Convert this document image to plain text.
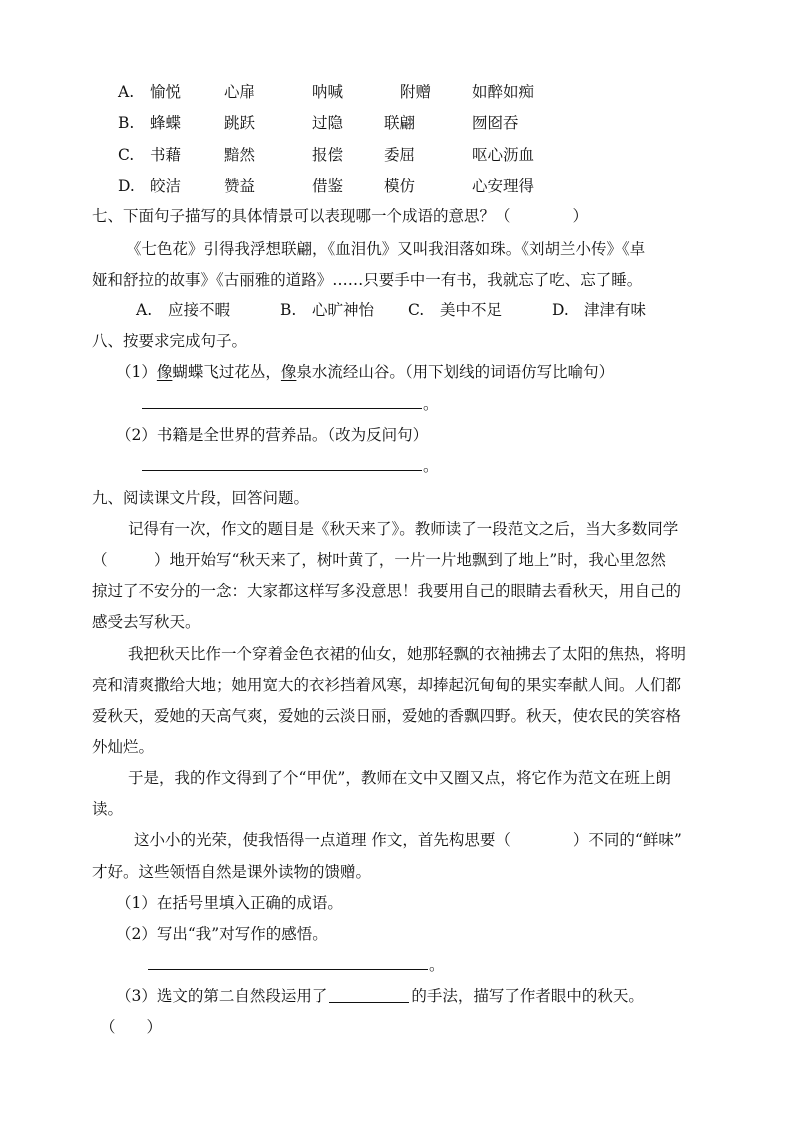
A. 愉悦	心扉	呐喊	附赠	如醉如痴
B. 蜂蝶	跳跃	过隐	联翩	囫囵吞
C. 书藉	黯然	报偿	委屈	呕心沥血
D. 皎洁	赞益	借鉴	模仿	心安理得
七、下面句子描写的具体情景可以表现哪一个成语的意思？（　　　　）
《七色花》引得我浮想联翩，《血泪仇》又叫我泪落如珠。《刘胡兰小传》《卓
娅和舒拉的故事》《古丽雅的道路》……只要手中一有书，我就忘了吃、忘了睡。
A. 应接不暇	B. 心旷神怡 C. 美中不足	D. 津津有味
八、按要求完成句子。
（1）像蝴蝶飞过花丛，像泉水流经山谷。（用下划线的词语仿写比喻句）
。
（2）书籍是全世界的营养品。（改为反问句）
。
九、阅读课文片段，回答问题。
记得有一次，作文的题目是《秋天来了》。教师读了一段范文之后，当大多数同学
（　　　）地开始写“秋天来了，树叶黄了，一片一片地飘到了地上”时，我心里忽然
掠过了不安分的一念：大家都这样写多没意思！我要用自己的眼睛去看秋天，用自己的
感受去写秋天。
我把秋天比作一个穿着金色衣裙的仙女，她那轻飘的衣袖拂去了太阳的焦热，将明
亮和清爽撒给大地；她用宽大的衣衫挡着风寒，却捧起沉甸甸的果实奉献人间。人们都
爱秋天，爱她的天高气爽，爱她的云淡日丽，爱她的香飘四野。秋天，使农民的笑容格
外灿烂。
于是，我的作文得到了个“甲优”，教师在文中又圈又点，将它作为范文在班上朗
读。
这小小的光荣，使我悟得一点道理 作文，首先构思要（　　　　）不同的“鲜味”
才好。这些领悟自然是课外读物的馈赠。
（1）在括号里填入正确的成语。
（2）写出“我”对写作的感悟。
。
（3）选文的第二自然段运用了	的手法，描写了作者眼中的秋天。
（　　）
